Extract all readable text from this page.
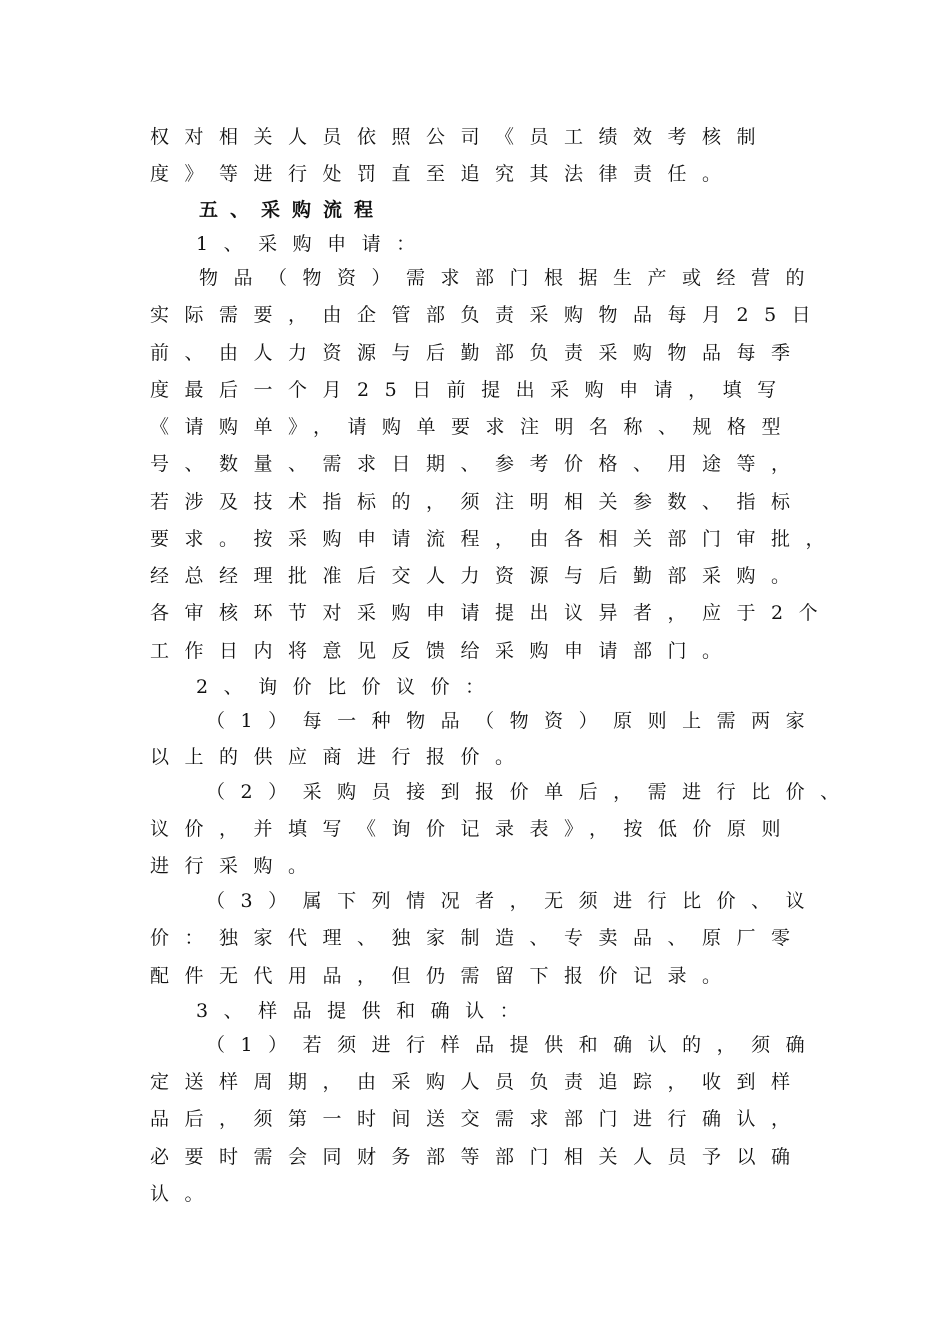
权对相关人员依照公司《员工绩效考核制
度》等进行处罚直至追究其法律责任。
五、采购流程
1、采购申请：
物品（物资）需求部门根据生产或经营的
实际需要，由企管部负责采购物品每月25日
前、由人力资源与后勤部负责采购物品每季
度最后一个月25日前提出采购申请，填写
《请购单》，请购单要求注明名称、规格型
号、数量、需求日期、参考价格、用途等，
若涉及技术指标的，须注明相关参数、指标
要求。按采购申请流程，由各相关部门审批，
经总经理批准后交人力资源与后勤部采购。
各审核环节对采购申请提出议异者，应于2个
工作日内将意见反馈给采购申请部门。
2、询价比价议价：
（1）每一种物品（物资）原则上需两家
以上的供应商进行报价。
（2）采购员接到报价单后，需进行比价、
议价，并填写《询价记录表》，按低价原则
进行采购。
（3）属下列情况者，无须进行比价、议
价：独家代理、独家制造、专卖品、原厂零
配件无代用品，但仍需留下报价记录。
3、样品提供和确认：
（1）若须进行样品提供和确认的，须确
定送样周期，由采购人员负责追踪，收到样
品后，须第一时间送交需求部门进行确认，
必要时需会同财务部等部门相关人员予以确
认。
